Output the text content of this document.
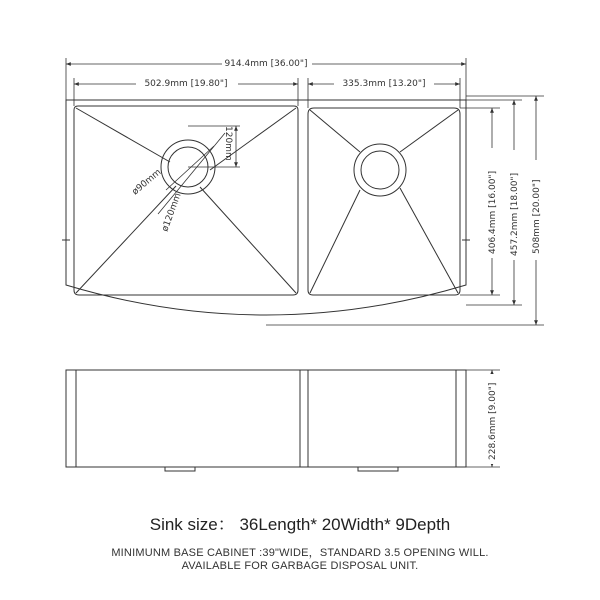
120mm
ø90mm
ø120mm
914.4mm [36.00"]
502.9mm [19.80"]	335.3mm [13.20"]
406.4mm [16.00"] 457.2mm [18.00"] 508mm [20.00"]
228.6mm [9.00"]
Sink size： 36Length* 20Width* 9Depth
MINIMUNM BASE CABINET :39"WIDE，STANDARD 3.5 OPENING WILL.
AVAILABLE FOR GARBAGE DISPOSAL UNIT.
